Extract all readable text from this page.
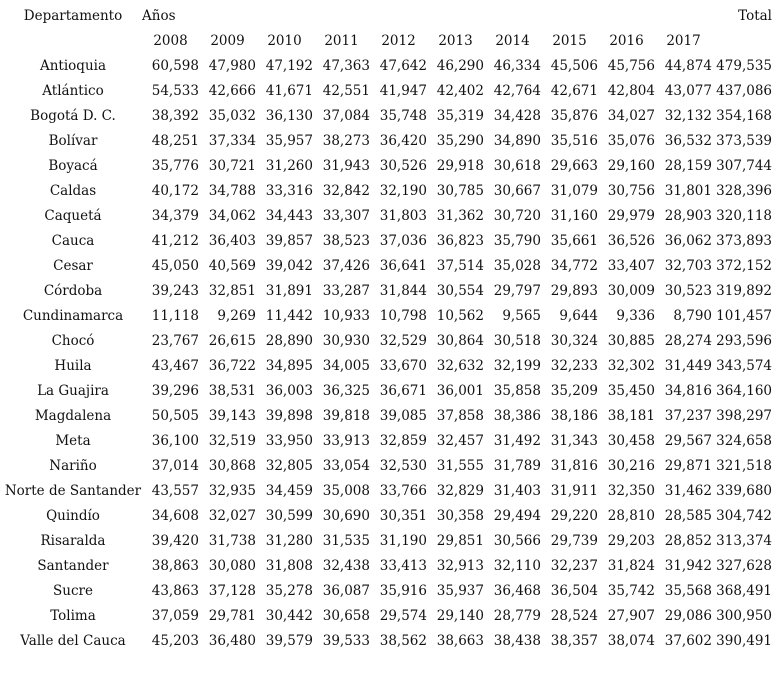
Departamento	Años										Total
	2008	2009	2010	2011	2012	2013	2014	2015	2016	2017	
Antioquia	60,598	47,980	47,192	47,363	47,642	46,290	46,334	45,506	45,756	44,874	479,535
Atlántico	54,533	42,666	41,671	42,551	41,947	42,402	42,764	42,671	42,804	43,077	437,086
Bogotá D. C.	38,392	35,032	36,130	37,084	35,748	35,319	34,428	35,876	34,027	32,132	354,168
Bolívar	48,251	37,334	35,957	38,273	36,420	35,290	34,890	35,516	35,076	36,532	373,539
Boyacá	35,776	30,721	31,260	31,943	30,526	29,918	30,618	29,663	29,160	28,159	307,744
Caldas	40,172	34,788	33,316	32,842	32,190	30,785	30,667	31,079	30,756	31,801	328,396
Caquetá	34,379	34,062	34,443	33,307	31,803	31,362	30,720	31,160	29,979	28,903	320,118
Cauca	41,212	36,403	39,857	38,523	37,036	36,823	35,790	35,661	36,526	36,062	373,893
Cesar	45,050	40,569	39,042	37,426	36,641	37,514	35,028	34,772	33,407	32,703	372,152
Córdoba	39,243	32,851	31,891	33,287	31,844	30,554	29,797	29,893	30,009	30,523	319,892
Cundinamarca	11,118	9,269	11,442	10,933	10,798	10,562	9,565	9,644	9,336	8,790	101,457
Chocó	23,767	26,615	28,890	30,930	32,529	30,864	30,518	30,324	30,885	28,274	293,596
Huila	43,467	36,722	34,895	34,005	33,670	32,632	32,199	32,233	32,302	31,449	343,574
La Guajira	39,296	38,531	36,003	36,325	36,671	36,001	35,858	35,209	35,450	34,816	364,160
Magdalena	50,505	39,143	39,898	39,818	39,085	37,858	38,386	38,186	38,181	37,237	398,297
Meta	36,100	32,519	33,950	33,913	32,859	32,457	31,492	31,343	30,458	29,567	324,658
Nariño	37,014	30,868	32,805	33,054	32,530	31,555	31,789	31,816	30,216	29,871	321,518
Norte de Santander	43,557	32,935	34,459	35,008	33,766	32,829	31,403	31,911	32,350	31,462	339,680
Quindío	34,608	32,027	30,599	30,690	30,351	30,358	29,494	29,220	28,810	28,585	304,742
Risaralda	39,420	31,738	31,280	31,535	31,190	29,851	30,566	29,739	29,203	28,852	313,374
Santander	38,863	30,080	31,808	32,438	33,413	32,913	32,110	32,237	31,824	31,942	327,628
Sucre	43,863	37,128	35,278	36,087	35,916	35,937	36,468	36,504	35,742	35,568	368,491
Tolima	37,059	29,781	30,442	30,658	29,574	29,140	28,779	28,524	27,907	29,086	300,950
Valle del Cauca	45,203	36,480	39,579	39,533	38,562	38,663	38,438	38,357	38,074	37,602	390,491
